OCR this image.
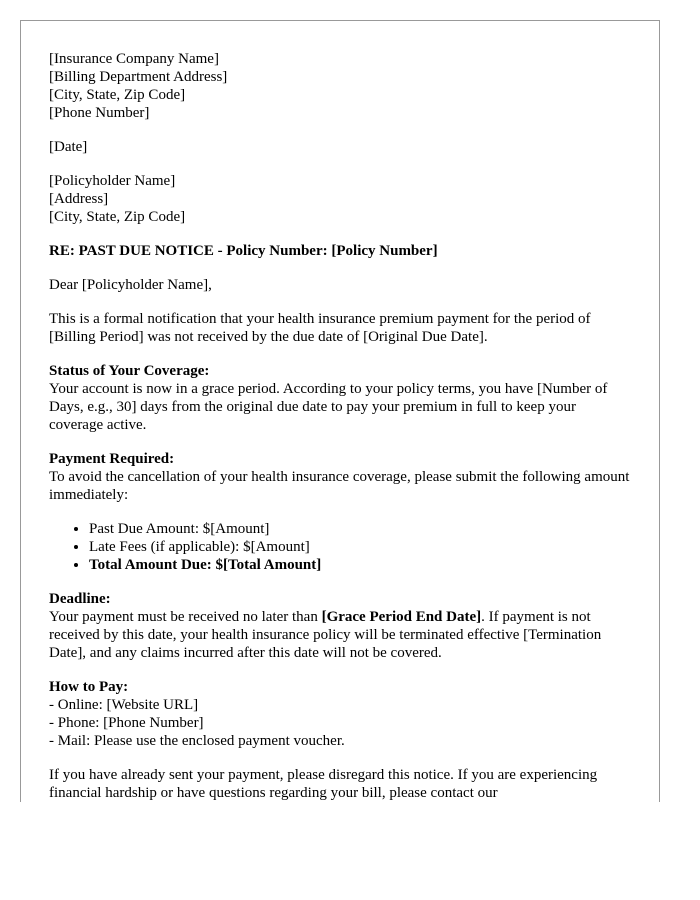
[Insurance Company Name]
[Billing Department Address]
[City, State, Zip Code]
[Phone Number]
[Date]
[Policyholder Name]
[Address]
[City, State, Zip Code]

RE: PAST DUE NOTICE - Policy Number: [Policy Number]

Dear [Policyholder Name],

This is a formal notification that your health insurance premium payment for the period of [Billing Period] was not received by the due date of [Original Due Date].

Status of Your Coverage:
Your account is now in a grace period. According to your policy terms, you have [Number of Days, e.g., 30] days from the original due date to pay your premium in full to keep your coverage active.
Payment Required:

To avoid the cancellation of your health insurance coverage, please submit the following amount immediately:

• Past Due Amount: $[Amount]
• Late Fees (if applicable): $[Amount]
• Total Amount Due: $[Total Amount]
Deadline:
Your payment must be received no later than [Grace Period End Date]. If payment is not received by this date, your health insurance policy will be terminated effective [Termination Date], and any claims incurred after this date will not be covered.
How to Pay:
- Online: [Website URL]
- Phone: [Phone Number]
- Mail: Please use the enclosed payment voucher.

If you have already sent your payment, please disregard this notice. If you are experiencing financial hardship or have questions regarding your bill, please contact our
